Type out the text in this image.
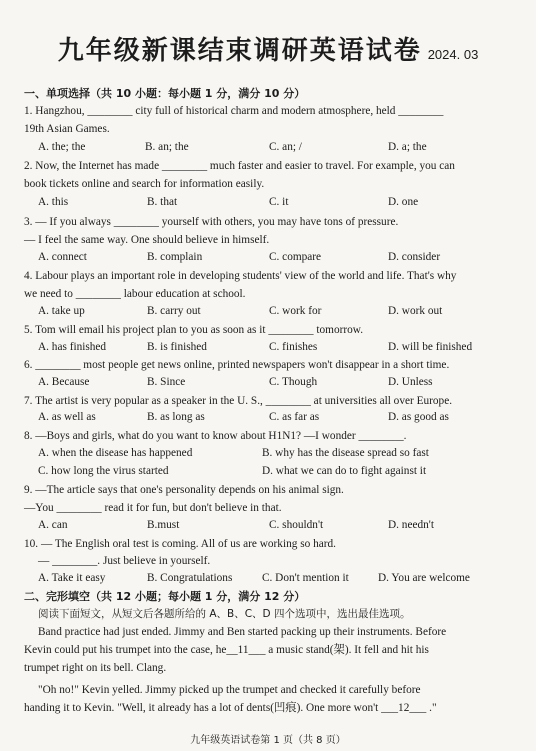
九年级新课结束调研英语试卷 2024. 03
一、单项选择（共 10 小题：每小题 1 分，满分 10 分）
1. Hangzhou, ________ city full of historical charm and modern atmosphere, held ________
19th Asian Games.
A. the; the	B. an; the	C. an; /	D. a; the
2. Now, the Internet has made ________ much faster and easier to travel. For example, you can
book tickets online and search for information easily.
A. this	B. that	C. it	D. one
3. — If you always ________ yourself with others, you may have tons of pressure.
— I feel the same way. One should believe in himself.
A. connect	B. complain	C. compare	D. consider
4. Labour plays an important role in developing students' view of the world and life. That's why
we need to ________ labour education at school.
A. take up	B. carry out	C. work for	D. work out
5. Tom will email his project plan to you as soon as it ________ tomorrow.
A. has finished	B. is finished	C. finishes	D. will be finished
6. ________ most people get news online, printed newspapers won't disappear in a short time.
A. Because	B. Since	C. Though	D. Unless
7. The artist is very popular as a speaker in the U. S., ________ at universities all over Europe.
A. as well as	B. as long as	C. as far as	D. as good as
8. —Boys and girls, what do you want to know about H1N1? —I wonder ________.
A. when the disease has happened	B. why has the disease spread so fast
C. how long the virus started	D. what we can do to fight against it
9. —The article says that one's personality depends on his animal sign.
—You ________ read it for fun, but don't believe in that.
A. can	B.must	C. shouldn't	D. needn't
10. — The English oral test is coming. All of us are working so hard.
— ________. Just believe in yourself.
A. Take it easy	B. Congratulations	C. Don't mention it	D. You are welcome
二、完形填空（共 12 小题；每小题 1 分，满分 12 分）
阅读下面短文，从短文后各题所给的 A、B、C、D 四个选项中，选出最佳选项。
Band practice had just ended. Jimmy and Ben started packing up their instruments. Before
Kevin could put his trumpet into the case, he__11___ a music stand(架). It fell and hit his
trumpet right on its bell. Clang.
"Oh no!" Kevin yelled. Jimmy picked up the trumpet and checked it carefully before
handing it to Kevin. "Well, it already has a lot of dents(凹痕). One more won't ___12___ ."
九年级英语试卷第 1 页（共 8 页）
